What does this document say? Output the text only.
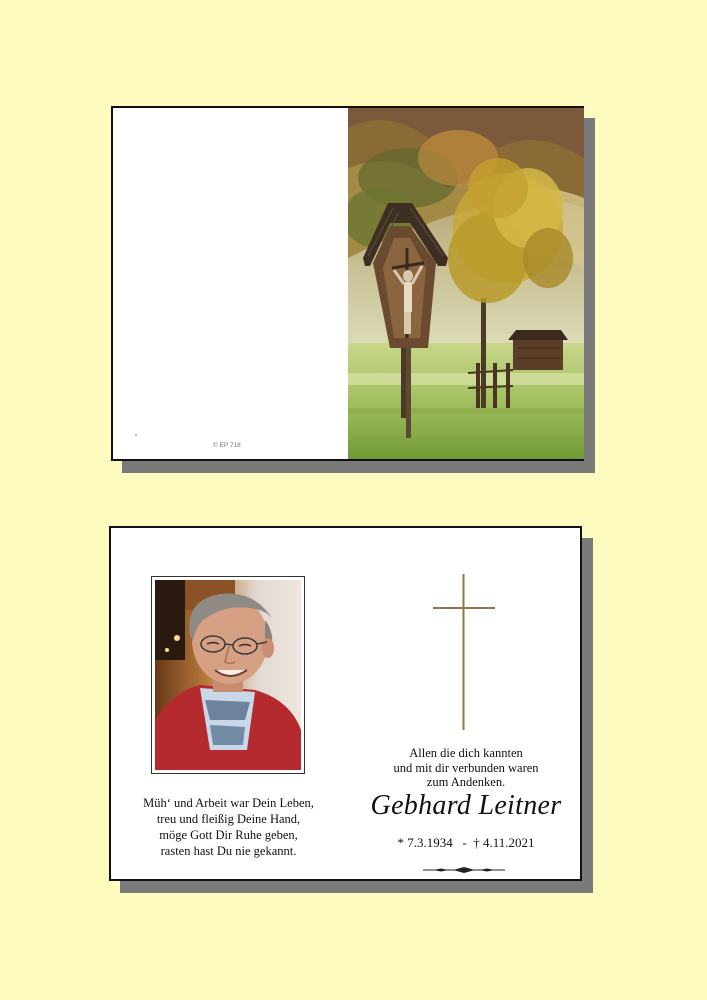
© EP 718
Müh‘ und Arbeit war Dein Leben,
treu und fleißig Deine Hand,
möge Gott Dir Ruhe geben,
rasten hast Du nie gekannt.
Allen die dich kannten
und mit dir verbunden waren
zum Andenken.
Gebhard Leitner
* 7.3.1934 - † 4.11.2021
